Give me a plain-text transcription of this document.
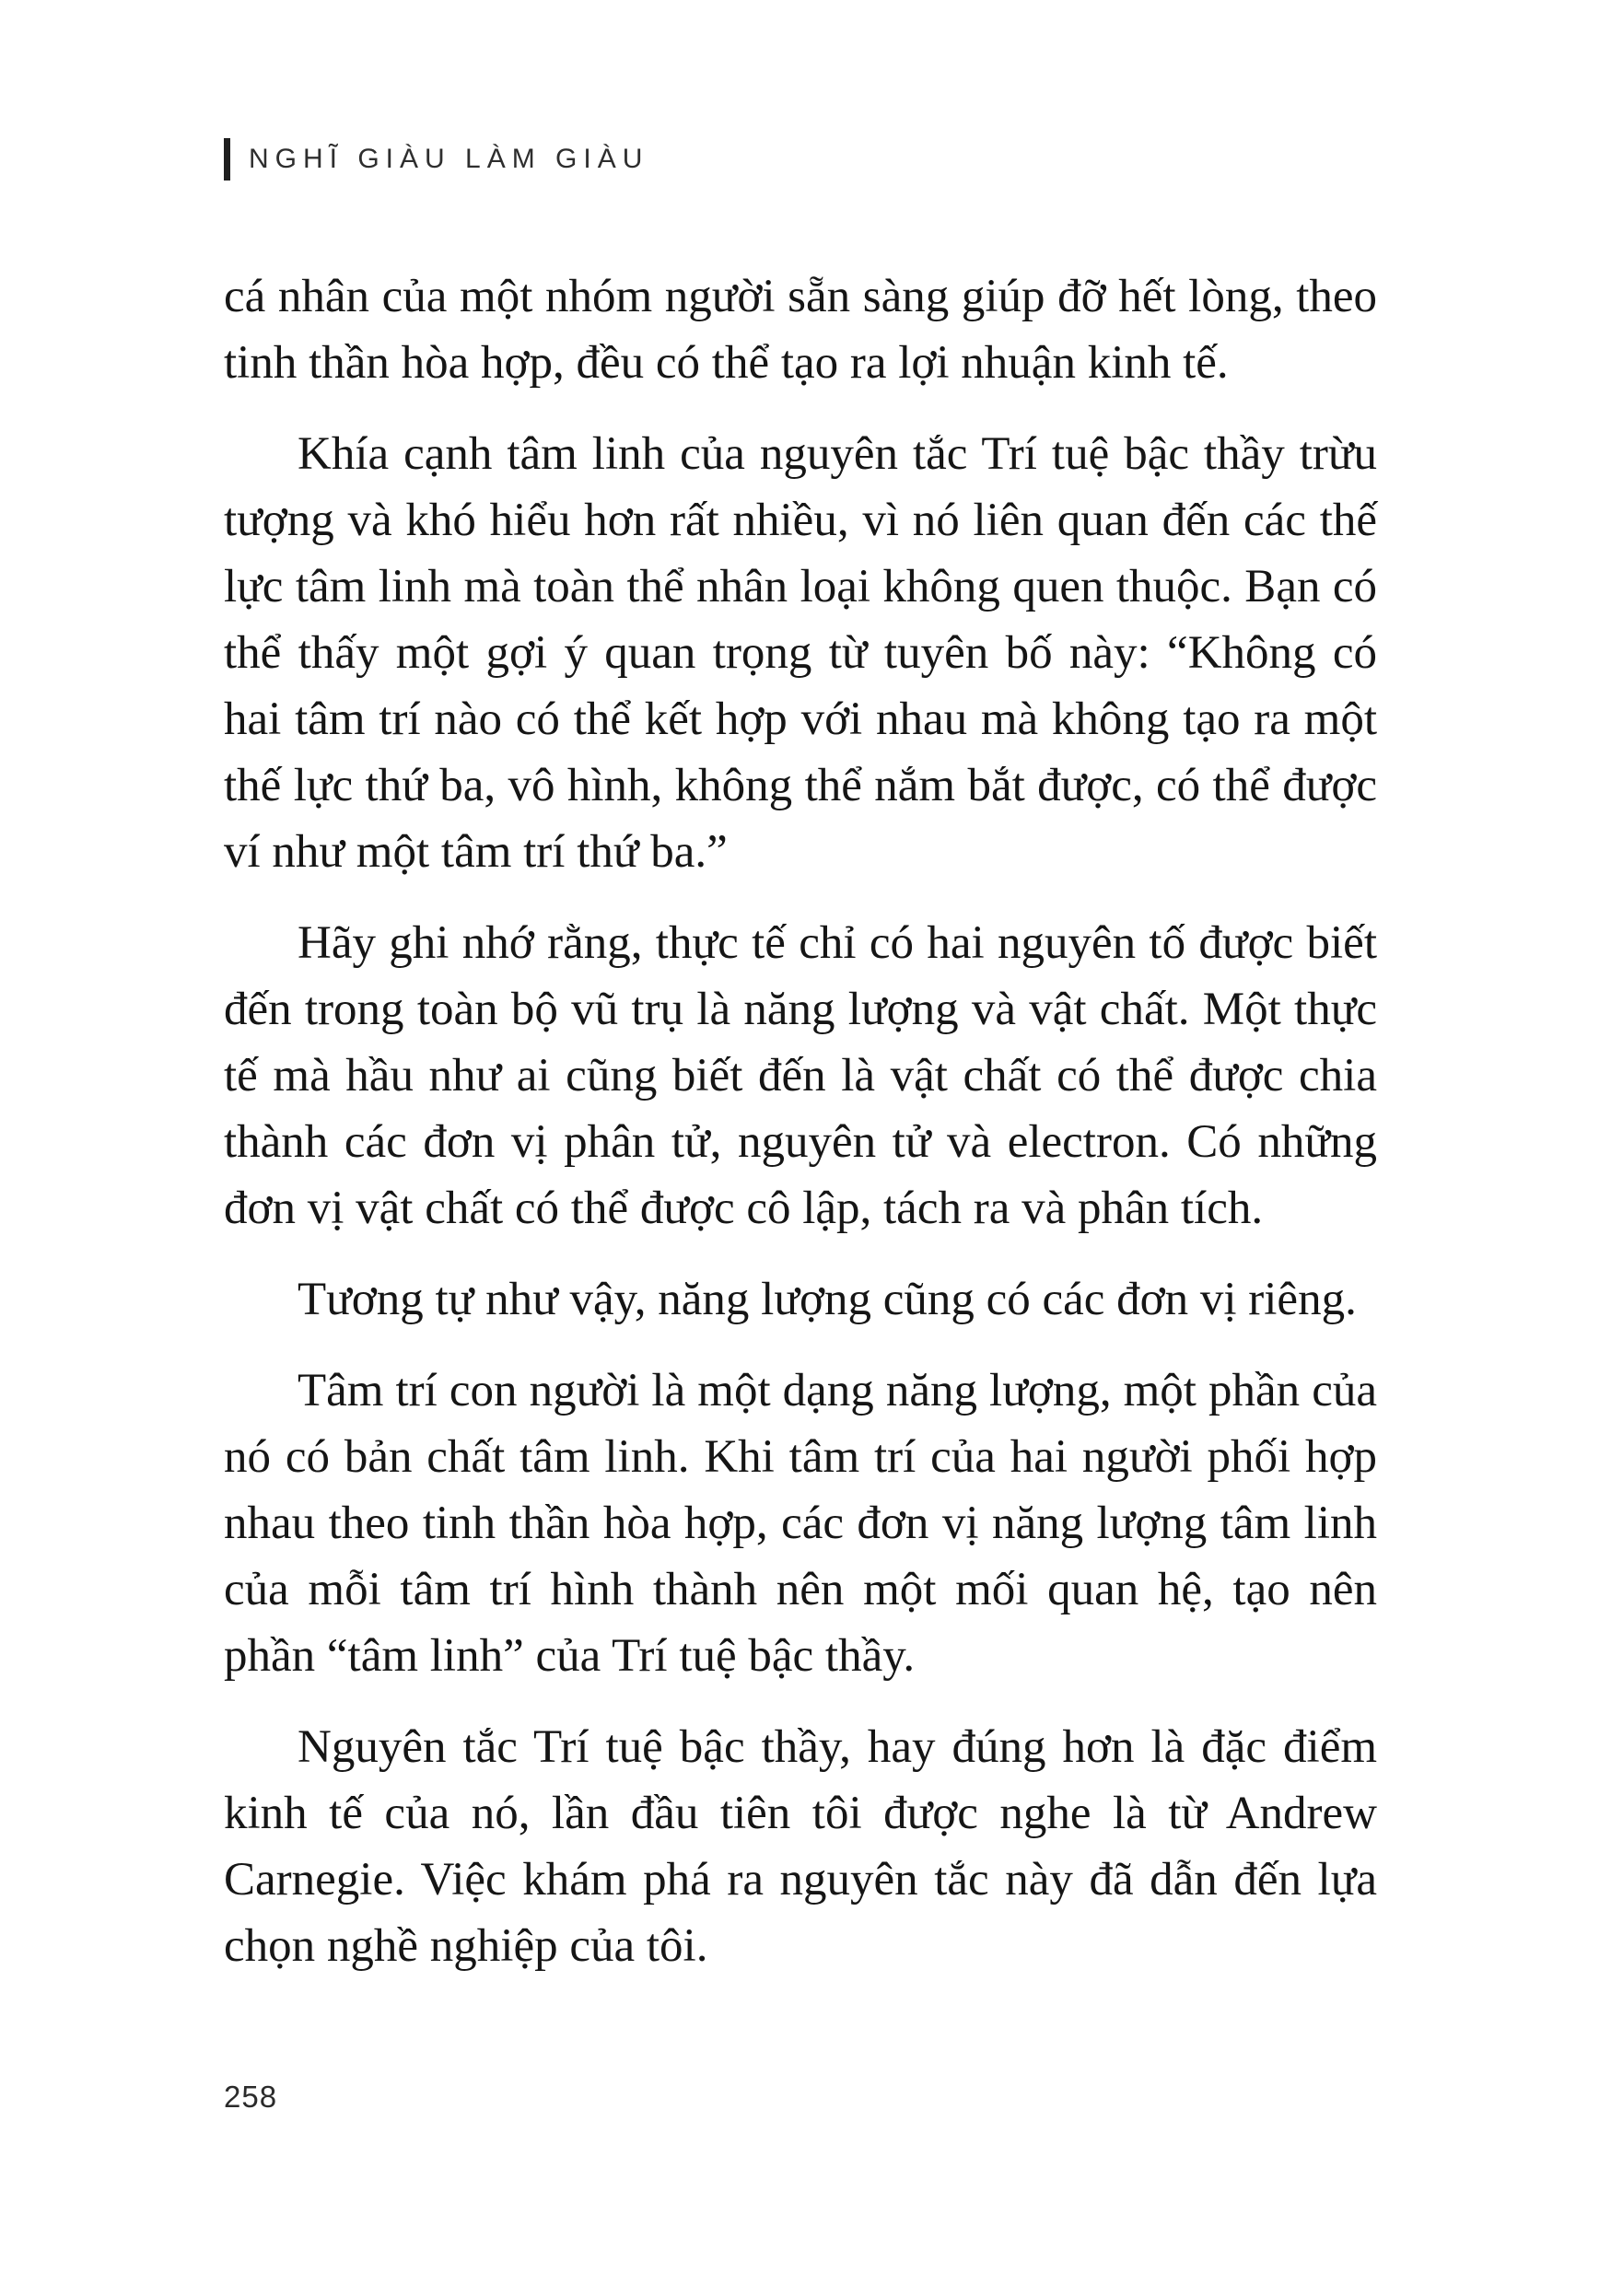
NGHĨ GIÀU LÀM GIÀU

cá nhân của một nhóm người sẵn sàng giúp đỡ hết lòng, theo tinh thần hòa hợp, đều có thể tạo ra lợi nhuận kinh tế.

Khía cạnh tâm linh của nguyên tắc Trí tuệ bậc thầy trừu tượng và khó hiểu hơn rất nhiều, vì nó liên quan đến các thế lực tâm linh mà toàn thể nhân loại không quen thuộc. Bạn có thể thấy một gợi ý quan trọng từ tuyên bố này: “Không có hai tâm trí nào có thể kết hợp với nhau mà không tạo ra một thế lực thứ ba, vô hình, không thể nắm bắt được, có thể được ví như một tâm trí thứ ba.”

Hãy ghi nhớ rằng, thực tế chỉ có hai nguyên tố được biết đến trong toàn bộ vũ trụ là năng lượng và vật chất. Một thực tế mà hầu như ai cũng biết đến là vật chất có thể được chia thành các đơn vị phân tử, nguyên tử và electron. Có những đơn vị vật chất có thể được cô lập, tách ra và phân tích.

Tương tự như vậy, năng lượng cũng có các đơn vị riêng.

Tâm trí con người là một dạng năng lượng, một phần của nó có bản chất tâm linh. Khi tâm trí của hai người phối hợp nhau theo tinh thần hòa hợp, các đơn vị năng lượng tâm linh của mỗi tâm trí hình thành nên một mối quan hệ, tạo nên phần “tâm linh” của Trí tuệ bậc thầy.

Nguyên tắc Trí tuệ bậc thầy, hay đúng hơn là đặc điểm kinh tế của nó, lần đầu tiên tôi được nghe là từ Andrew Carnegie. Việc khám phá ra nguyên tắc này đã dẫn đến lựa chọn nghề nghiệp của tôi.

258
